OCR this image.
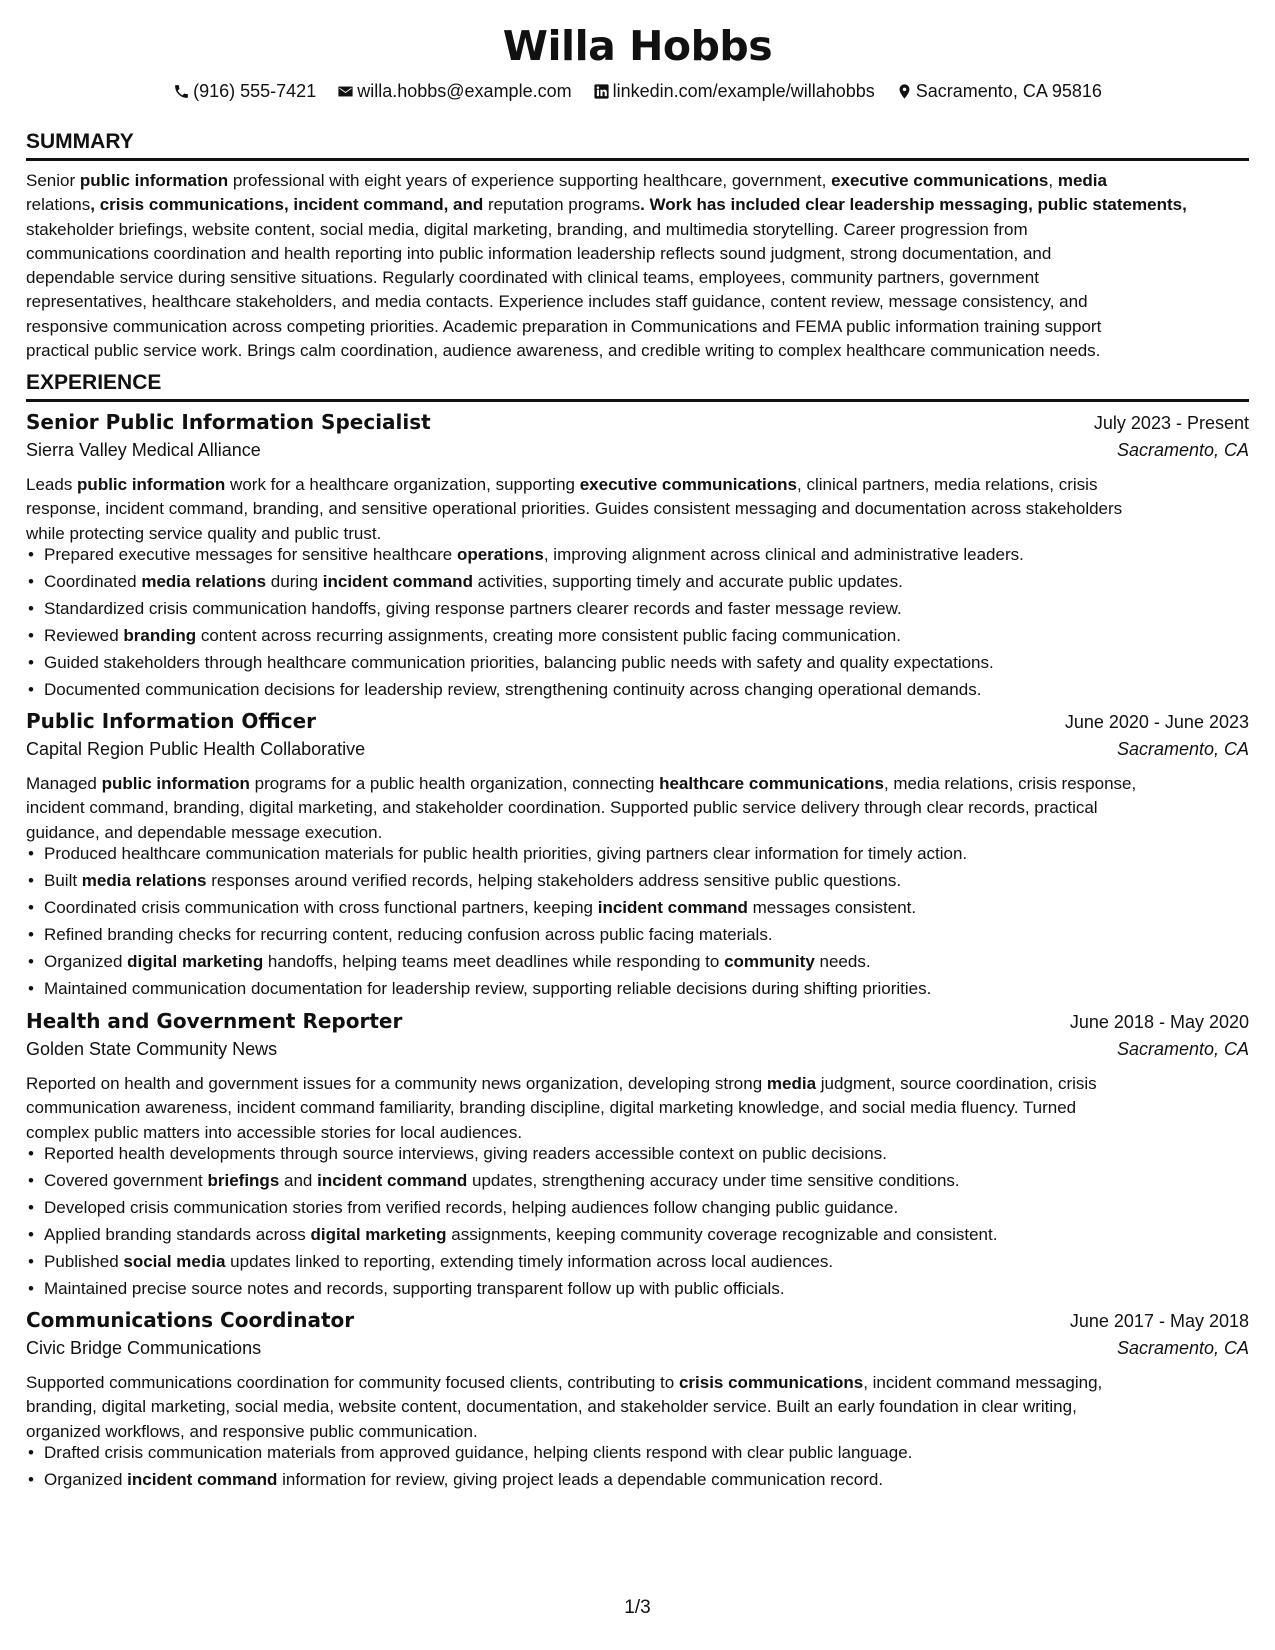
Willa Hobbs
(916) 555-7421 willa.hobbs@example.com linkedin.com/example/willahobbs Sacramento, CA 95816
SUMMARY
Senior public information professional with eight years of experience supporting healthcare, government, executive communications, media
relations, crisis communications, incident command, and reputation programs. Work has included clear leadership messaging, public statements,
stakeholder briefings, website content, social media, digital marketing, branding, and multimedia storytelling. Career progression from
communications coordination and health reporting into public information leadership reflects sound judgment, strong documentation, and
dependable service during sensitive situations. Regularly coordinated with clinical teams, employees, community partners, government
representatives, healthcare stakeholders, and media contacts. Experience includes staff guidance, content review, message consistency, and
responsive communication across competing priorities. Academic preparation in Communications and FEMA public information training support
practical public service work. Brings calm coordination, audience awareness, and credible writing to complex healthcare communication needs.
EXPERIENCE
Senior Public Information Specialist	July 2023 - Present
Sierra Valley Medical Alliance	Sacramento, CA
Leads public information work for a healthcare organization, supporting executive communications, clinical partners, media relations, crisis
response, incident command, branding, and sensitive operational priorities. Guides consistent messaging and documentation across stakeholders
while protecting service quality and public trust.
• Prepared executive messages for sensitive healthcare operations, improving alignment across clinical and administrative leaders.
• Coordinated media relations during incident command activities, supporting timely and accurate public updates.
• Standardized crisis communication handoffs, giving response partners clearer records and faster message review.
• Reviewed branding content across recurring assignments, creating more consistent public facing communication.
• Guided stakeholders through healthcare communication priorities, balancing public needs with safety and quality expectations.
• Documented communication decisions for leadership review, strengthening continuity across changing operational demands.
Public Information Officer	June 2020 - June 2023
Capital Region Public Health Collaborative	Sacramento, CA
Managed public information programs for a public health organization, connecting healthcare communications, media relations, crisis response,
incident command, branding, digital marketing, and stakeholder coordination. Supported public service delivery through clear records, practical
guidance, and dependable message execution.
• Produced healthcare communication materials for public health priorities, giving partners clear information for timely action.
• Built media relations responses around verified records, helping stakeholders address sensitive public questions.
• Coordinated crisis communication with cross functional partners, keeping incident command messages consistent.
• Refined branding checks for recurring content, reducing confusion across public facing materials.
• Organized digital marketing handoffs, helping teams meet deadlines while responding to community needs.
• Maintained communication documentation for leadership review, supporting reliable decisions during shifting priorities.
Health and Government Reporter	June 2018 - May 2020
Golden State Community News	Sacramento, CA
Reported on health and government issues for a community news organization, developing strong media judgment, source coordination, crisis
communication awareness, incident command familiarity, branding discipline, digital marketing knowledge, and social media fluency. Turned
complex public matters into accessible stories for local audiences.
• Reported health developments through source interviews, giving readers accessible context on public decisions.
• Covered government briefings and incident command updates, strengthening accuracy under time sensitive conditions.
• Developed crisis communication stories from verified records, helping audiences follow changing public guidance.
• Applied branding standards across digital marketing assignments, keeping community coverage recognizable and consistent.
• Published social media updates linked to reporting, extending timely information across local audiences.
• Maintained precise source notes and records, supporting transparent follow up with public officials.
Communications Coordinator	June 2017 - May 2018
Civic Bridge Communications	Sacramento, CA
Supported communications coordination for community focused clients, contributing to crisis communications, incident command messaging,
branding, digital marketing, social media, website content, documentation, and stakeholder service. Built an early foundation in clear writing,
organized workflows, and responsive public communication.
• Drafted crisis communication materials from approved guidance, helping clients respond with clear public language.
• Organized incident command information for review, giving project leads a dependable communication record.
1/3
